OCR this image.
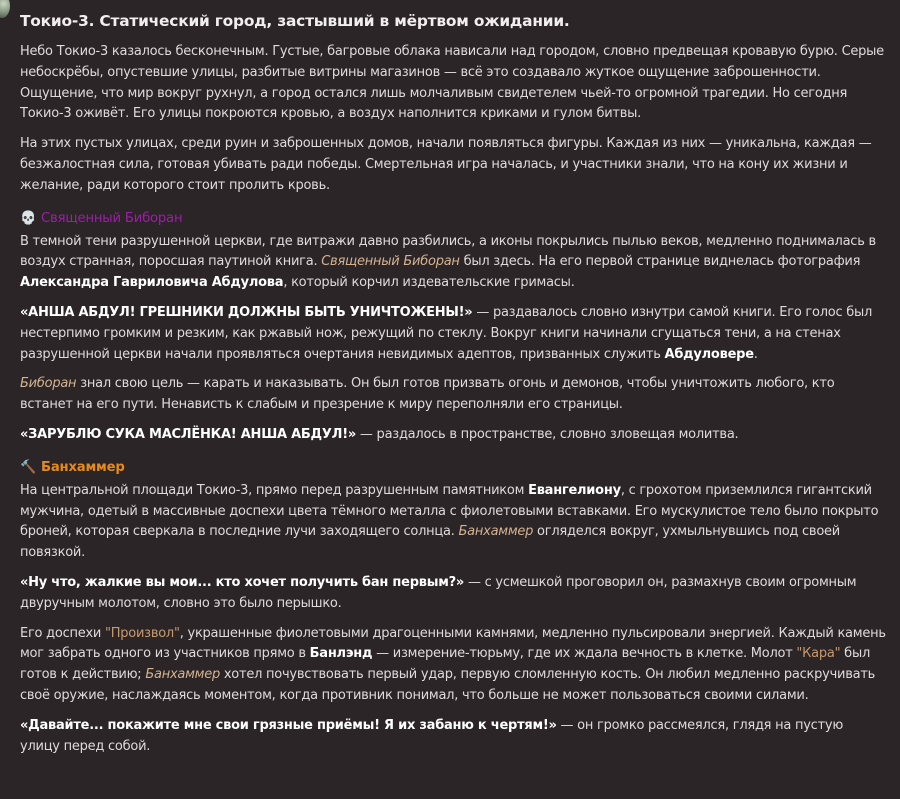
Токио-3. Статический город, застывший в мёртвом ожидании.

Небо Токио-3 казалось бесконечным. Густые, багровые облака нависали над городом, словно предвещая кровавую бурю. Серые небоскрёбы, опустевшие улицы, разбитые витрины магазинов — всё это создавало жуткое ощущение заброшенности. Ощущение, что мир вокруг рухнул, а город остался лишь молчаливым свидетелем чьей-то огромной трагедии. Но сегодня Токио-3 оживёт. Его улицы покроются кровью, а воздух наполнится криками и гулом битвы.

На этих пустых улицах, среди руин и заброшенных домов, начали появляться фигуры. Каждая из них — уникальна, каждая — безжалостная сила, готовая убивать ради победы. Смертельная игра началась, и участники знали, что на кону их жизни и желание, ради которого стоит пролить кровь.

💀 Священный Биборан

В темной тени разрушенной церкви, где витражи давно разбились, а иконы покрылись пылью веков, медленно поднималась в воздух странная, поросшая паутиной книга. Священный Биборан был здесь. На его первой странице виднелась фотография Александра Гавриловича Абдулова, который корчил издевательские гримасы.

«АНША АБДУЛ! ГРЕШНИКИ ДОЛЖНЫ БЫТЬ УНИЧТОЖЕНЫ!» — раздавалось словно изнутри самой книги. Его голос был нестерпимо громким и резким, как ржавый нож, режущий по стеклу. Вокруг книги начинали сгущаться тени, а на стенах разрушенной церкви начали проявляться очертания невидимых адептов, призванных служить Абдуловере.

Биборан знал свою цель — карать и наказывать. Он был готов призвать огонь и демонов, чтобы уничтожить любого, кто встанет на его пути. Ненависть к слабым и презрение к миру переполняли его страницы.

«ЗАРУБЛЮ СУКА МАСЛЁНКА! АНША АБДУЛ!» — раздалось в пространстве, словно зловещая молитва.

🔨 Банхаммер

На центральной площади Токио-3, прямо перед разрушенным памятником Евангелиону, с грохотом приземлился гигантский мужчина, одетый в массивные доспехи цвета тёмного металла с фиолетовыми вставками. Его мускулистое тело было покрыто броней, которая сверкала в последние лучи заходящего солнца. Банхаммер огляделся вокруг, ухмыльнувшись под своей повязкой.

«Ну что, жалкие вы мои... кто хочет получить бан первым?» — с усмешкой проговорил он, размахнув своим огромным двуручным молотом, словно это было перышко.

Его доспехи "Произвол", украшенные фиолетовыми драгоценными камнями, медленно пульсировали энергией. Каждый камень мог забрать одного из участников прямо в Банлэнд — измерение-тюрьму, где их ждала вечность в клетке. Молот "Кара" был готов к действию; Банхаммер хотел почувствовать первый удар, первую сломленную кость. Он любил медленно раскручивать своё оружие, наслаждаясь моментом, когда противник понимал, что больше не может пользоваться своими силами.

«Давайте... покажите мне свои грязные приёмы! Я их забаню к чертям!» — он громко рассмеялся, глядя на пустую улицу перед собой.
